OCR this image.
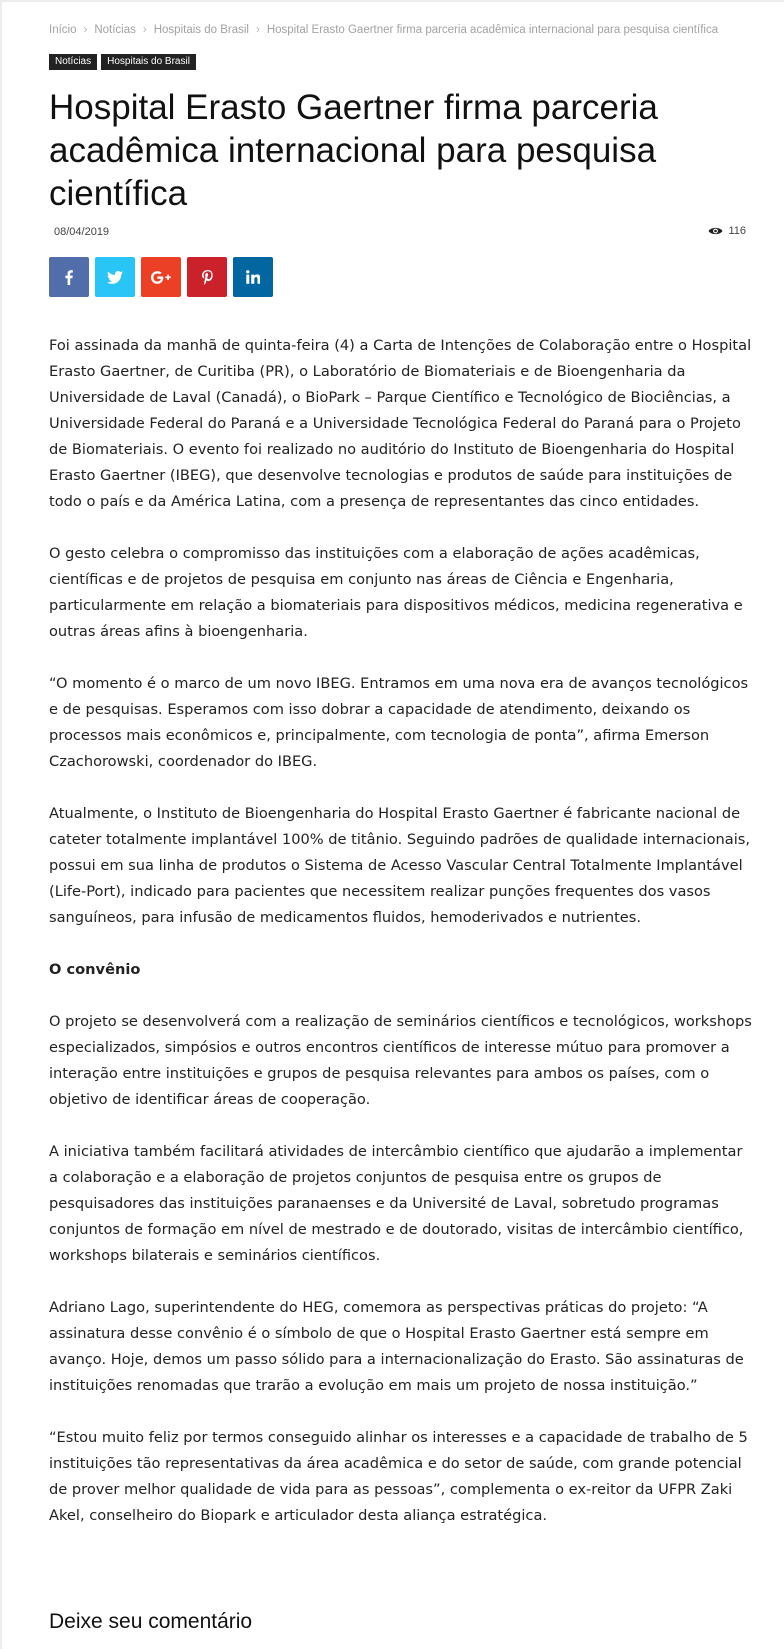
Início › Notícias › Hospitais do Brasil › Hospital Erasto Gaertner firma parceria acadêmica internacional para pesquisa científica
Notícias Hospitais do Brasil
Hospital Erasto Gaertner firma parceria acadêmica internacional para pesquisa científica
08/04/2019	116

Foi assinada da manhã de quinta-feira (4) a Carta de Intenções de Colaboração entre o Hospital Erasto Gaertner, de Curitiba (PR), o Laboratório de Biomateriais e de Bioengenharia da Universidade de Laval (Canadá), o BioPark – Parque Científico e Tecnológico de Biociências, a Universidade Federal do Paraná e a Universidade Tecnológica Federal do Paraná para o Projeto de Biomateriais. O evento foi realizado no auditório do Instituto de Bioengenharia do Hospital Erasto Gaertner (IBEG), que desenvolve tecnologias e produtos de saúde para instituições de todo o país e da América Latina, com a presença de representantes das cinco entidades.

O gesto celebra o compromisso das instituições com a elaboração de ações acadêmicas, científicas e de projetos de pesquisa em conjunto nas áreas de Ciência e Engenharia, particularmente em relação a biomateriais para dispositivos médicos, medicina regenerativa e outras áreas afins à bioengenharia.

“O momento é o marco de um novo IBEG. Entramos em uma nova era de avanços tecnológicos e de pesquisas. Esperamos com isso dobrar a capacidade de atendimento, deixando os processos mais econômicos e, principalmente, com tecnologia de ponta”, afirma Emerson Czachorowski, coordenador do IBEG.

Atualmente, o Instituto de Bioengenharia do Hospital Erasto Gaertner é fabricante nacional de cateter totalmente implantável 100% de titânio. Seguindo padrões de qualidade internacionais, possui em sua linha de produtos o Sistema de Acesso Vascular Central Totalmente Implantável (Life-Port), indicado para pacientes que necessitem realizar punções frequentes dos vasos sanguíneos, para infusão de medicamentos fluidos, hemoderivados e nutrientes.

O convênio

O projeto se desenvolverá com a realização de seminários científicos e tecnológicos, workshops especializados, simpósios e outros encontros científicos de interesse mútuo para promover a interação entre instituições e grupos de pesquisa relevantes para ambos os países, com o objetivo de identificar áreas de cooperação.

A iniciativa também facilitará atividades de intercâmbio científico que ajudarão a implementar a colaboração e a elaboração de projetos conjuntos de pesquisa entre os grupos de pesquisadores das instituições paranaenses e da Université de Laval, sobretudo programas conjuntos de formação em nível de mestrado e de doutorado, visitas de intercâmbio científico, workshops bilaterais e seminários científicos.

Adriano Lago, superintendente do HEG, comemora as perspectivas práticas do projeto: “A assinatura desse convênio é o símbolo de que o Hospital Erasto Gaertner está sempre em avanço. Hoje, demos um passo sólido para a internacionalização do Erasto. São assinaturas de instituições renomadas que trarão a evolução em mais um projeto de nossa instituição.”

“Estou muito feliz por termos conseguido alinhar os interesses e a capacidade de trabalho de 5 instituições tão representativas da área acadêmica e do setor de saúde, com grande potencial de prover melhor qualidade de vida para as pessoas”, complementa o ex-reitor da UFPR Zaki Akel, conselheiro do Biopark e articulador desta aliança estratégica.

Deixe seu comentário
